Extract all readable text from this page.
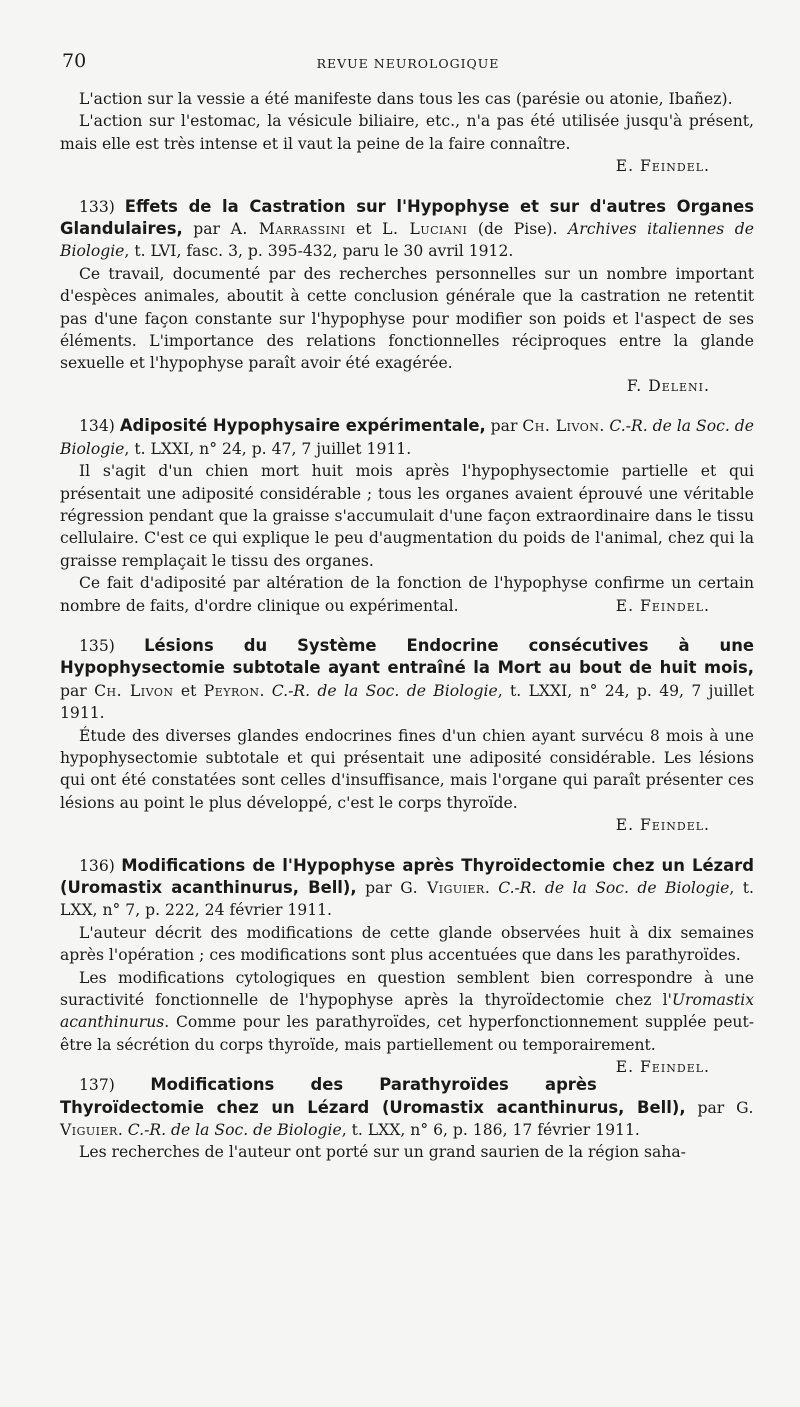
70	REVUE NEUROLOGIQUE

L'action sur la vessie a été manifeste dans tous les cas (parésie ou atonie, Ibañez).

L'action sur l'estomac, la vésicule biliaire, etc., n'a pas été utilisée jusqu'à présent, mais elle est très intense et il vaut la peine de la faire connaître.

E. Feindel.

133) Effets de la Castration sur l'Hypophyse et sur d'autres Organes Glandulaires, par A. Marrassini et L. Luciani (de Pise). Archives italiennes de Biologie, t. LVI, fasc. 3, p. 395-432, paru le 30 avril 1912.

Ce travail, documenté par des recherches personnelles sur un nombre important d'espèces animales, aboutit à cette conclusion générale que la castration ne retentit pas d'une façon constante sur l'hypophyse pour modifier son poids et l'aspect de ses éléments. L'importance des relations fonctionnelles réciproques entre la glande sexuelle et l'hypophyse paraît avoir été exagérée.

F. Deleni.

134) Adiposité Hypophysaire expérimentale, par Ch. Livon. C.-R. de la Soc. de Biologie, t. LXXI, n° 24, p. 47, 7 juillet 1911.

Il s'agit d'un chien mort huit mois après l'hypophysectomie partielle et qui présentait une adiposité considérable ; tous les organes avaient éprouvé une véritable régression pendant que la graisse s'accumulait d'une façon extraordinaire dans le tissu cellulaire. C'est ce qui explique le peu d'augmentation du poids de l'animal, chez qui la graisse remplaçait le tissu des organes.

Ce fait d'adiposité par altération de la fonction de l'hypophyse confirme un certain nombre de faits, d'ordre clinique ou expérimental.	E. Feindel.

135) Lésions du Système Endocrine consécutives à une Hypophysectomie subtotale ayant entraîné la Mort au bout de huit mois, par Ch. Livon et Peyron. C.-R. de la Soc. de Biologie, t. LXXI, n° 24, p. 49, 7 juillet 1911.

Étude des diverses glandes endocrines fines d'un chien ayant survécu 8 mois à une hypophysectomie subtotale et qui présentait une adiposité considérable. Les lésions qui ont été constatées sont celles d'insuffisance, mais l'organe qui paraît présenter ces lésions au point le plus développé, c'est le corps thyroïde.

E. Feindel.

136) Modifications de l'Hypophyse après Thyroïdectomie chez un Lézard (Uromastix acanthinurus, Bell), par G. Viguier. C.-R. de la Soc. de Biologie, t. LXX, n° 7, p. 222, 24 février 1911.

L'auteur décrit des modifications de cette glande observées huit à dix semaines après l'opération ; ces modifications sont plus accentuées que dans les parathyroïdes.

Les modifications cytologiques en question semblent bien correspondre à une suractivité fonctionnelle de l'hypophyse après la thyroïdectomie chez l'Uromastix acanthinurus. Comme pour les parathyroïdes, cet hyperfonctionnement supplée peut-être la sécrétion du corps thyroïde, mais partiellement ou temporairement.
E. Feindel.

137) Modifications des Parathyroïdes après Thyroïdectomie chez un Lézard (Uromastix acanthinurus, Bell), par G. Viguier. C.-R. de la Soc. de Biologie, t. LXX, n° 6, p. 186, 17 février 1911.

Les recherches de l'auteur ont porté sur un grand saurien de la région saha-
